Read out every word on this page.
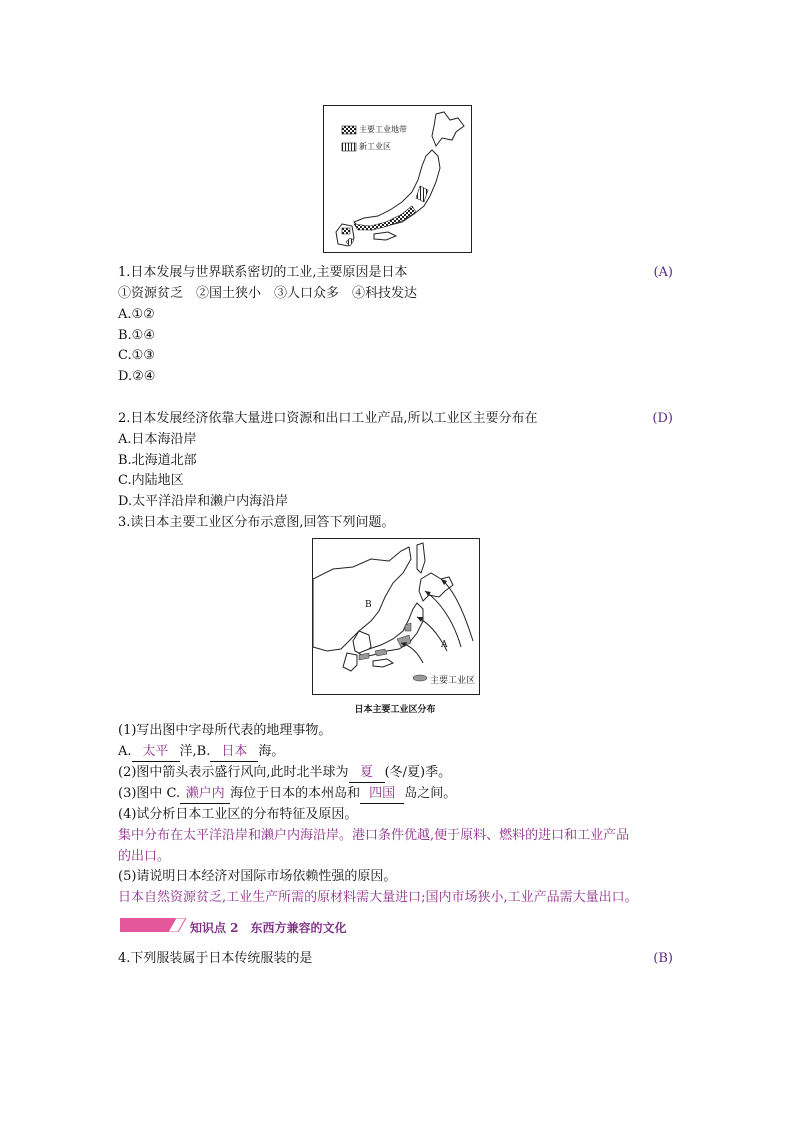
主要工业地带
新工业区
1.日本发展与世界联系密切的工业,主要原因是日本	(A)
①资源贫乏　②国土狭小　③人口众多　④科技发达
A.①②
B.①④
C.①③
D.②④
2.日本发展经济依靠大量进口资源和出口工业产品,所以工业区主要分布在	(D)
A.日本海沿岸
B.北海道北部
C.内陆地区
D.太平洋沿岸和濑户内海沿岸
3.读日本主要工业区分布示意图,回答下列问题。
B
A
主要工业区
日本主要工业区分布
(1)写出图中字母所代表的地理事物。
A. 太平 洋,B. 日本 海。
(2)图中箭头表示盛行风向,此时北半球为 夏 (冬/夏)季。
(3)图中 C. 濑户内 海位于日本的本州岛和 四国 岛之间。
(4)试分析日本工业区的分布特征及原因。
集中分布在太平洋沿岸和濑户内海沿岸。港口条件优越,便于原料、燃料的进口和工业产品
的出口。
(5)请说明日本经济对国际市场依赖性强的原因。
日本自然资源贫乏,工业生产所需的原材料需大量进口;国内市场狭小,工业产品需大量出口。
知识点 2　东西方兼容的文化
4.下列服装属于日本传统服装的是	(B)
